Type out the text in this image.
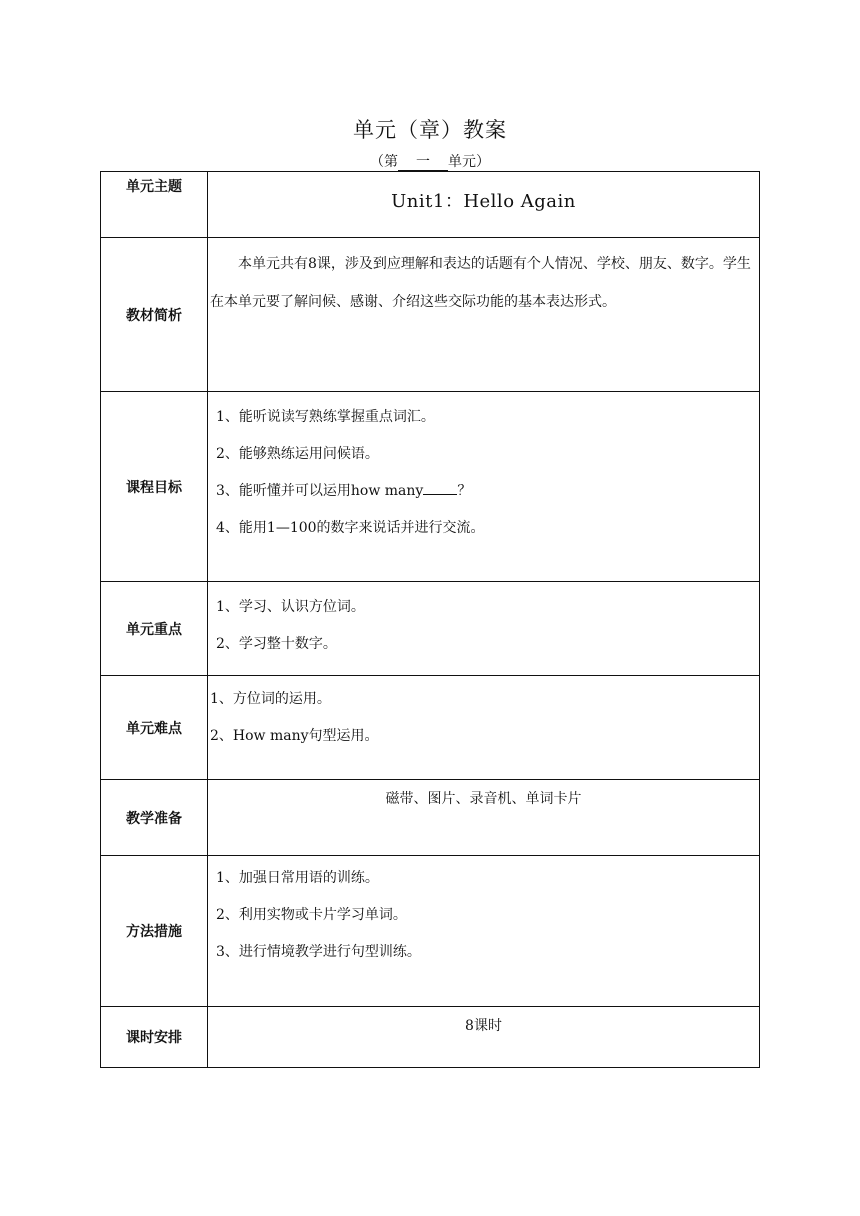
单元（章）教案
（第 一 单元）
单元主题	Unit1：Hello Again

教材简析	本单元共有8课，涉及到应理解和表达的话题有个人情况、学校、朋友、数字。学生在本单元要了解问候、感谢、介绍这些交际功能的基本表达形式。

课程目标	1、能听说读写熟练掌握重点词汇。
2、能够熟练运用问候语。
3、能听懂并可以运用how many ？
4、能用1—100的数字来说话并进行交流。

单元重点	1、学习、认识方位词。
2、学习整十数字。

单元难点	1、方位词的运用。
2、How many句型运用。

教学准备	磁带、图片、录音机、单词卡片

方法措施	1、加强日常用语的训练。
2、利用实物或卡片学习单词。
3、进行情境教学进行句型训练。

课时安排	8课时
